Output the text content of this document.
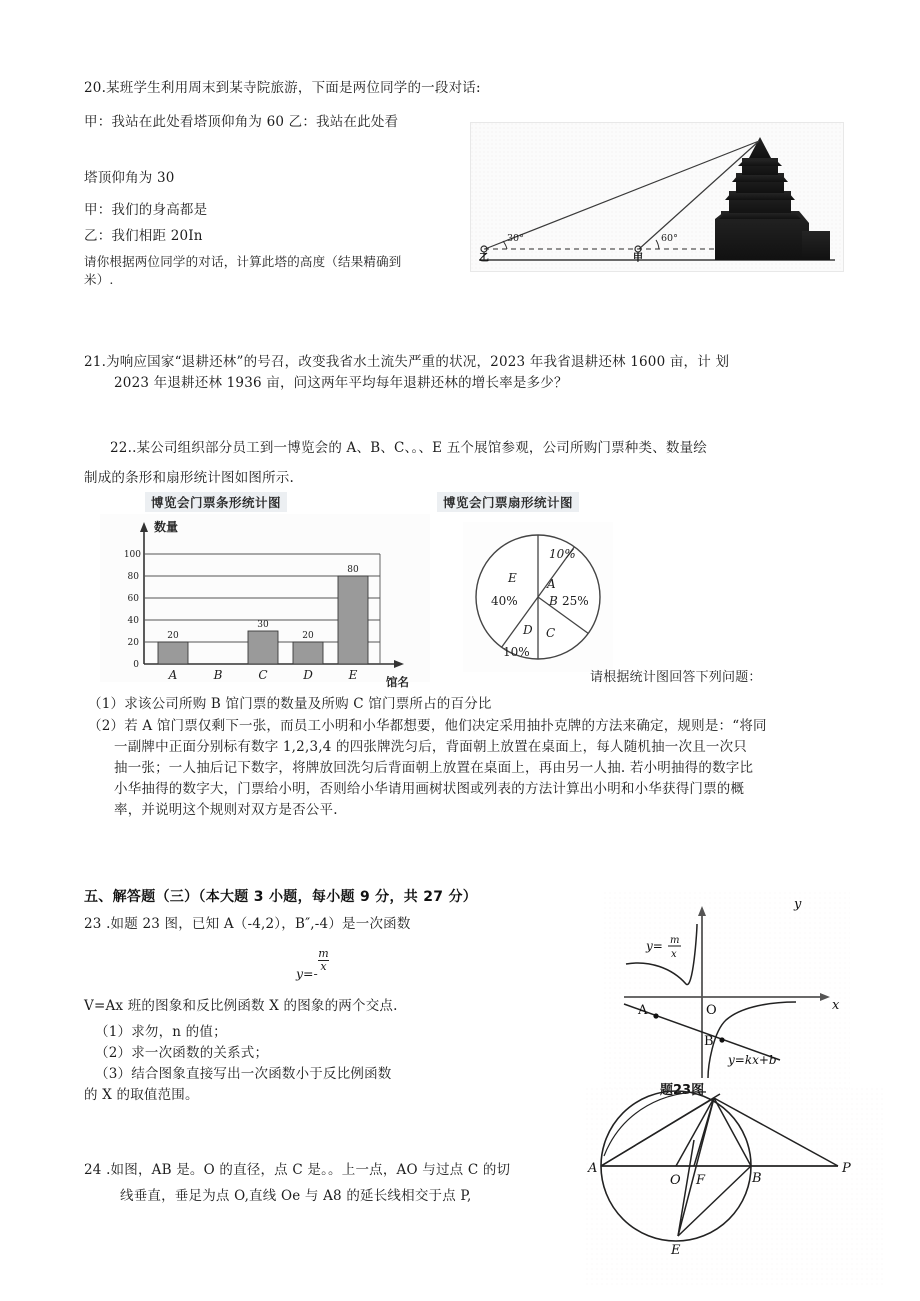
20.某班学生利用周末到某寺院旅游，下面是两位同学的一段对话:
甲：我站在此处看塔顶仰角为 60 乙：我站在此处看
塔顶仰角为 30
甲：我们的身高都是
乙：我们相距 20In
请你根据两位同学的对话，计算此塔的高度（结果精确到米）.
30°	60°
乙	甲
21.为响应国家“退耕还林”的号召，改变我省水土流失严重的状况，2023 年我省退耕还林 1600 亩，计 划
2023 年退耕还林 1936 亩，问这两年平均每年退耕还林的增长率是多少？
22..某公司组织部分员工到一博览会的 A、B、C、。、E 五个展馆参观，公司所购门票种类、数量绘
制成的条形和扇形统计图如图所示.
博览会门票条形统计图
0
20
40
60
80
100
20
30
20
80
A	B	C	D	E
数量
馆名
博览会门票扇形统计图
10%
A
B 25%
C
D
10%
E
40%
请根据统计图回答下列问题：
（1）求该公司所购 B 馆门票的数量及所购 C 馆门票所占的百分比
（2）若 A 馆门票仅剩下一张，而员工小明和小华都想要，他们决定采用抽扑克牌的方法来确定，规则是：“将同
一副牌中正面分别标有数字 1,2,3,4 的四张牌洗匀后，背面朝上放置在桌面上，每人随机抽一次且一次只
抽一张；一人抽后记下数字，将牌放回洗匀后背面朝上放置在桌面上，再由另一人抽. 若小明抽得的数字比
小华抽得的数字大，门票给小明，否则给小华请用画树状图或列表的方法计算出小明和小华获得门票的概
率，并说明这个规则对双方是否公平.
五、解答题（三）（本大题 3 小题，每小题 9 分，共 27 分）
23 .如题 23 图，已知 A（-4,2），B″,-4）是一次函数
m
x
y=-
V=Ax 班的图象和反比例函数 X 的图象的两个交点.
（1）求勿，n 的值；
（2）求一次函数的关系式；
（3）结合图象直接写出一次函数小于反比例函数
的 X 的取值范围。
y
x
O
A
B
y= m
x
y=kx+b
A
O F	B
P
E
24 .如图，AB 是。O 的直径，点 C 是。。上一点，AO 与过点 C 的切
线垂直，垂足为点 O,直线 Oe 与 A8 的延长线相交于点 P,
